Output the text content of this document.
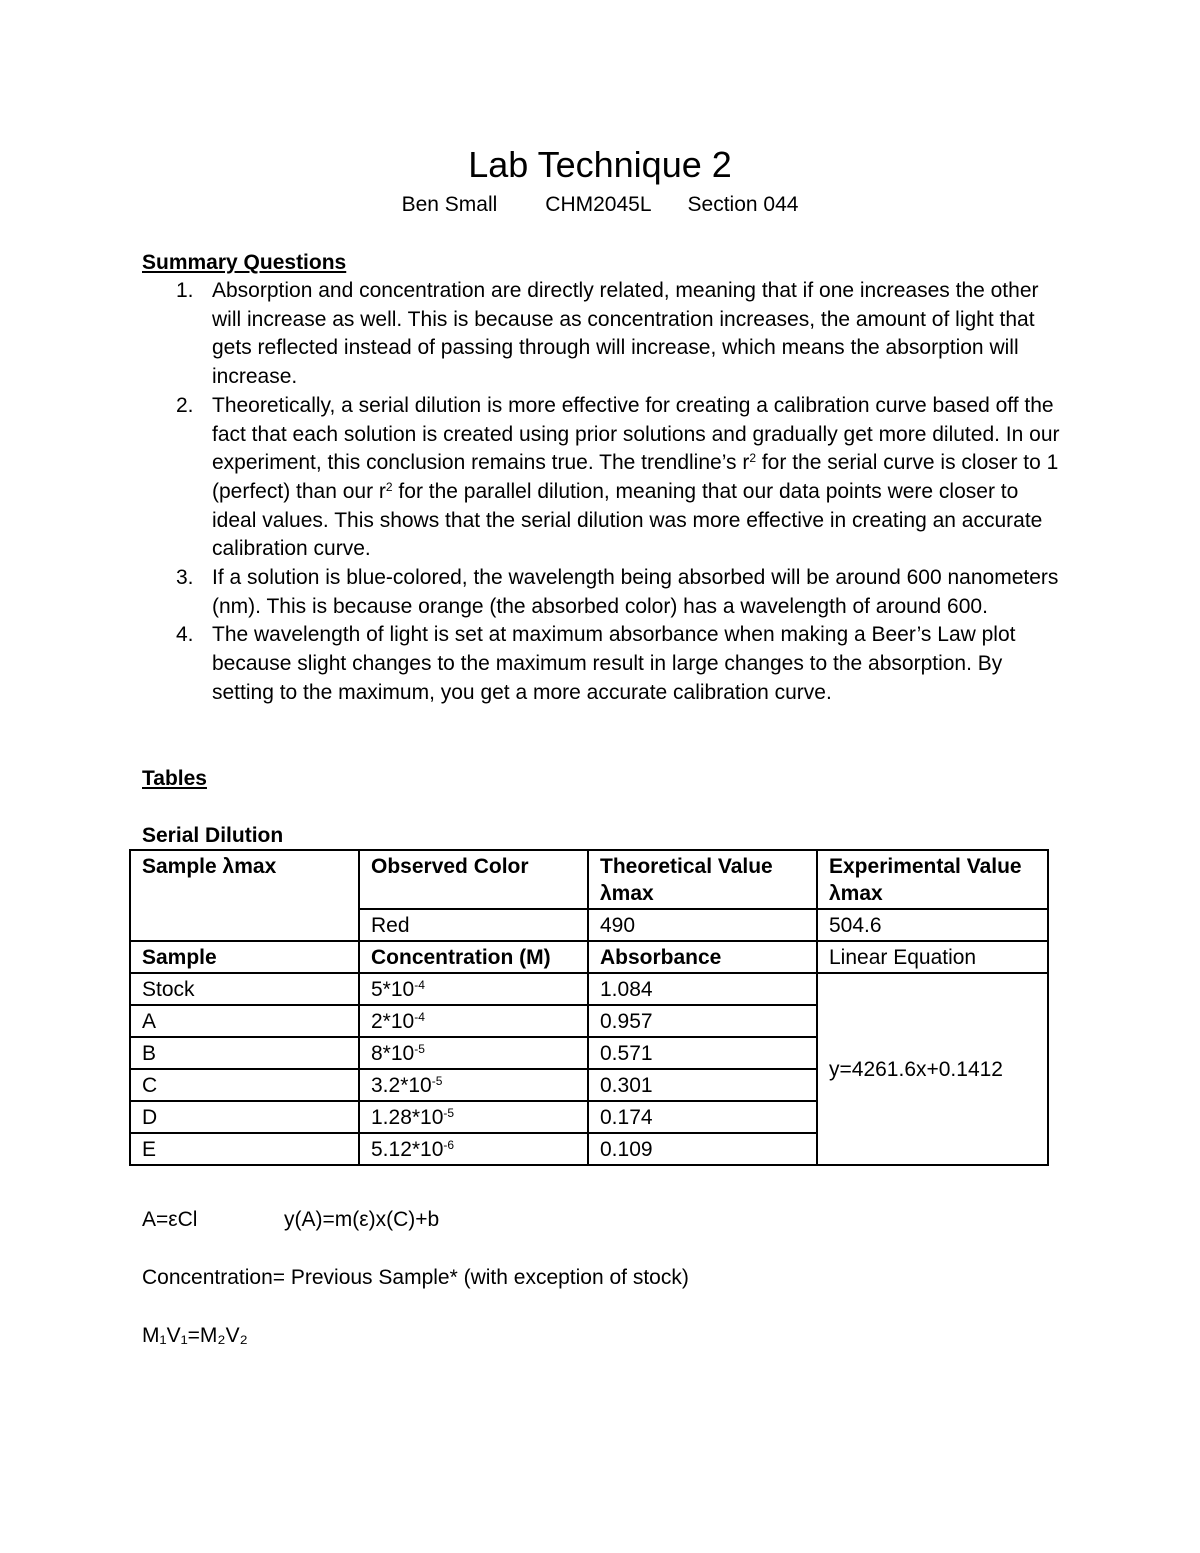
Lab Technique 2
Ben Small CHM2045L Section 044
Summary Questions
1. Absorption and concentration are directly related, meaning that if one increases the other will increase as well. This is because as concentration increases, the amount of light that gets reflected instead of passing through will increase, which means the absorption will increase.
2. Theoretically, a serial dilution is more effective for creating a calibration curve based off the fact that each solution is created using prior solutions and gradually get more diluted. In our experiment, this conclusion remains true. The trendline’s $r^2$ for the serial curve is closer to 1 (perfect) than our $r^2$ for the parallel dilution, meaning that our data points were closer to ideal values. This shows that the serial dilution was more effective in creating an accurate calibration curve.
3. If a solution is blue-colored, the wavelength being absorbed will be around 600 nanometers (nm). This is because orange (the absorbed color) has a wavelength of around 600.
4. The wavelength of light is set at maximum absorbance when making a Beer’s Law plot because slight changes to the maximum result in large changes to the absorption. By setting to the maximum, you get a more accurate calibration curve.
Tables
Serial Dilution
Sample λmax	Observed Color	Theoretical Value λmax	Experimental Value λmax
	Red	490	504.6
Sample	Concentration (M)	Absorbance	Linear Equation
Stock	$5*10^{-4}$	1.084	y=4261.6x+0.1412
A	$2*10^{-4}$	0.957	
B	$8*10^{-5}$	0.571	
C	$3.2*10^{-5}$	0.301	
D	$1.28*10^{-5}$	0.174	
E	$5.12*10^{-6}$	0.109	
A=εCl	y(A)=m(ε)x(C)+b
Concentration= Previous Sample* (with exception of stock)
M₁V₁=M₂V₂
